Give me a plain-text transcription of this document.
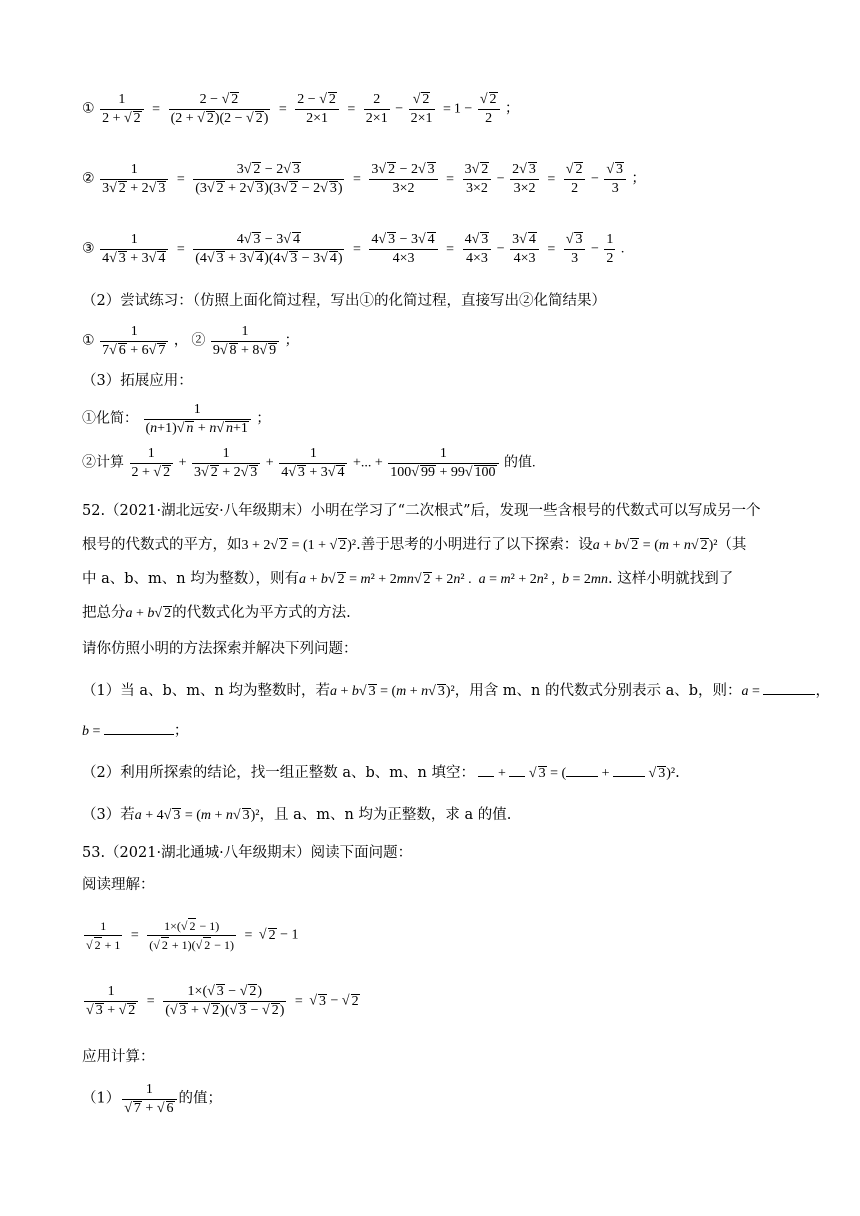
① $\frac{1}{2 + √ 2} = \frac{2 - √ 2}{(2 + √ 2)(2 - √ 2)} = \frac{2 - √ 2}{2\times 1} = \frac{2}{2\times 1} - \frac{√ 2}{2\times 1} = 1 - \frac{√ 2}{2}$ ；
② $\frac{1}{3√ 2 + 2√ 3} = \frac{3√ 2 - 2√ 3}{(3√ 2 + 2√ 3)(3√ 2 - 2√ 3)} = \frac{3√ 2 - 2√ 3}{3\times 2} = \frac{3√ 2}{3\times 2} - \frac{2√ 3}{3\times 2} = \frac{√ 2}{2} - \frac{√ 3}{3}$ ；
③ $\frac{1}{4√ 3 + 3√ 4} = \frac{4√ 3 - 3√ 4}{(4√ 3 + 3√ 4)(4√ 3 - 3√ 4)} = \frac{4√ 3 - 3√ 4}{4\times 3} = \frac{4√ 3}{4\times 3} - \frac{3√ 4}{4\times 3} = \frac{√ 3}{3} - \frac{1}{2}$ .
（2）尝试练习：（仿照上面化简过程，写出①的化简过程，直接写出②化简结果）
① $\frac{1}{7√ 6 + 6√ 7}$ ， ② $\frac{1}{9√ 8 + 8√ 9}$ ；
（3）拓展应用：
①化简： $\frac{1}{(n+1)√ n + n√ n+1}$ ；
②计算 $\frac{1}{2 + √ 2} + \frac{1}{3√ 2 + 2√ 3} + \frac{1}{4√ 3 + 3√ 4}$ +... + $\frac{1}{100√ 99 + 99√ 100}$ 的值.
52.（2021·湖北远安·八年级期末）小明在学习了“二次根式”后，发现一些含根号的代数式可以写成另一个
根号的代数式的平方，如3 + 2√ 2 = (1 + √ 2)².善于思考的小明进行了以下探索：设a + b√ 2 = (m + n√ 2)²（其
中 a、b、m、n 均为整数），则有a + b√ 2 = m² + 2mn√ 2 + 2n² .  a = m² + 2n² ,  b = 2mn. 这样小明就找到了
把总分a + b√ 2的代数式化为平方式的方法.
请你仿照小明的方法探索并解决下列问题：
（1）当 a、b、m、n 均为整数时，若a + b√ 3 = (m + n√ 3)²，用含 m、n 的代数式分别表示 a、b，则：a =	，
b =	；
（2）利用所探索的结论，找一组正整数 a、b、m、n 填空：  +  √ 3 = ( +  √ 3)².
（3）若a + 4√ 3 = (m + n√ 3)²，且 a、m、n 均为正整数，求 a 的值.
53.（2021·湖北通城·八年级期末）阅读下面问题：
阅读理解：
$\frac{1}{√ 2 + 1} = \frac{1\times(√ 2 - 1)}{(√ 2 + 1)(√ 2 - 1)}$ = √ 2 − 1
$\frac{1}{√ 3 + √ 2} = \frac{1\times(√ 3 - √ 2)}{(√ 3 + √ 2)(√ 3 - √ 2)}$ = √ 3 − √ 2
应用计算：
$(1) \frac{1}{√ 7 + √ 6}$ 的值；
